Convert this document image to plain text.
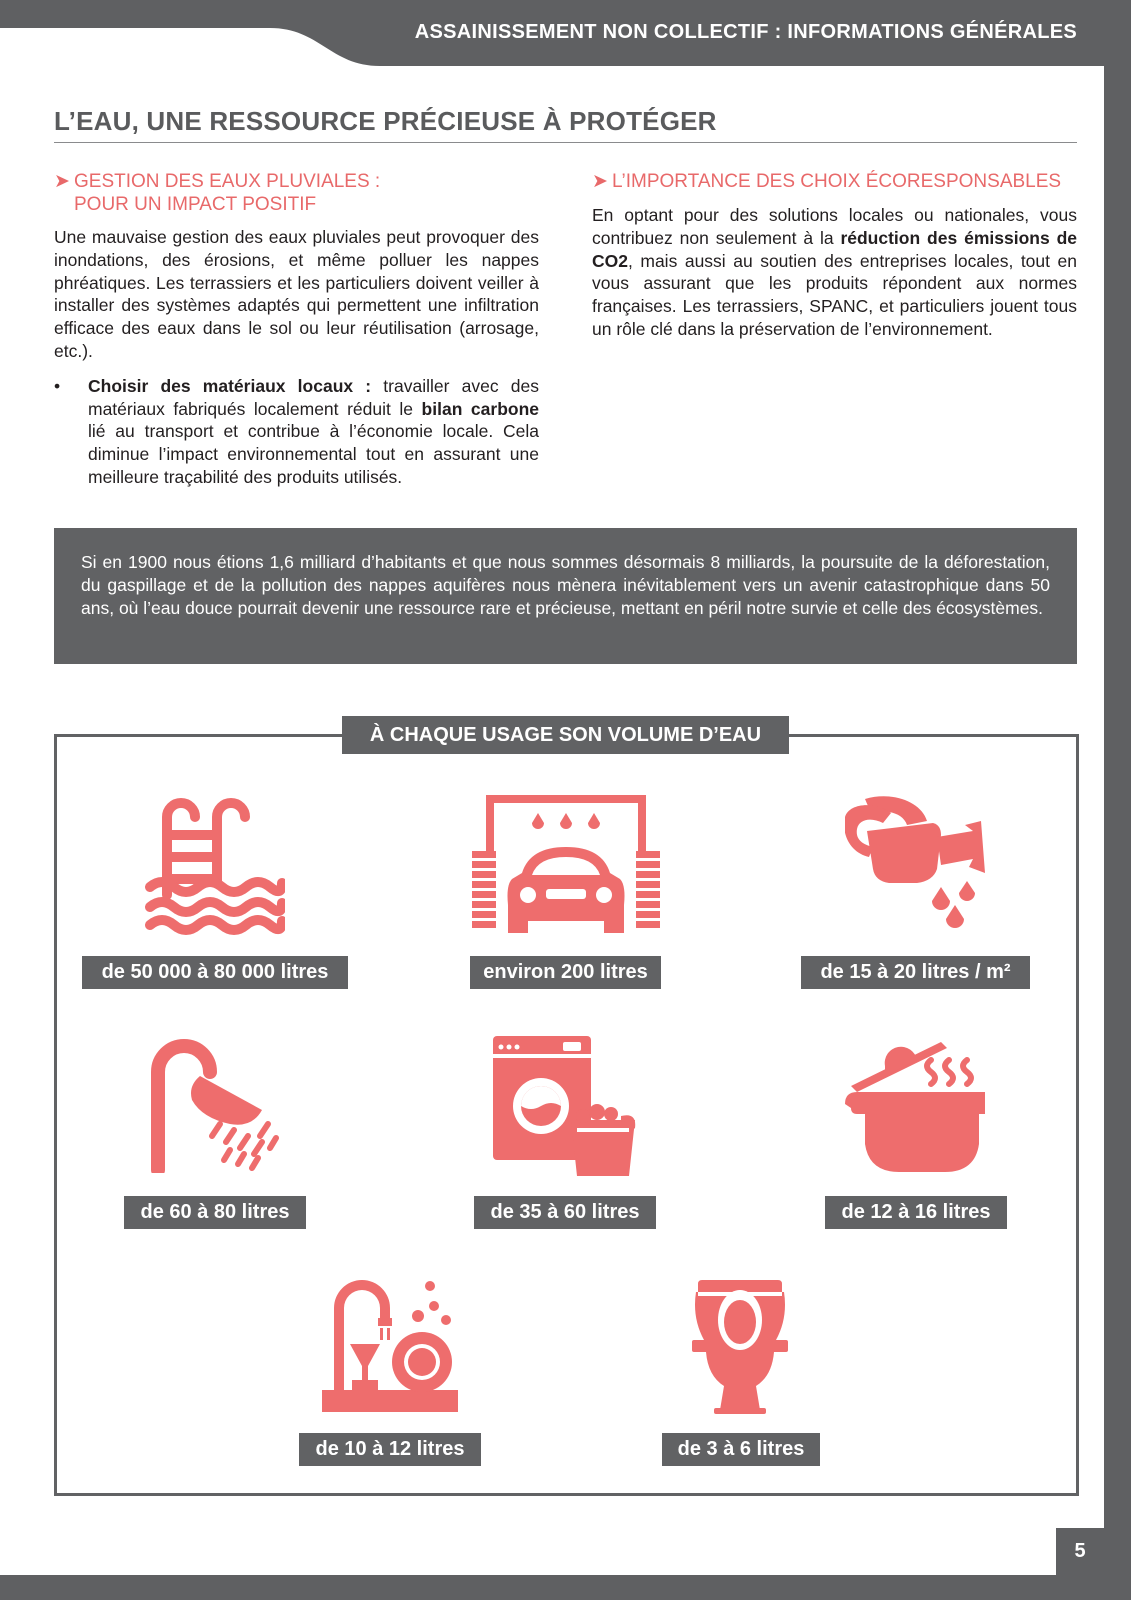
ASSAINISSEMENT NON COLLECTIF : INFORMATIONS GÉNÉRALES
L’EAU, UNE RESSOURCE PRÉCIEUSE À PROTÉGER
➤ GESTION DES EAUX PLUVIALES :
POUR UN IMPACT POSITIF

Une mauvaise gestion des eaux pluviales peut provoquer des inondations, des érosions, et même polluer les nappes phréatiques. Les terrassiers et les particuliers doivent veiller à installer des systèmes adaptés qui permettent une infiltration efficace des eaux dans le sol ou leur réutilisation (arrosage, etc.).

• Choisir des matériaux locaux : travailler avec des matériaux fabriqués localement réduit le bilan carbone lié au transport et contribue à l’économie locale. Cela diminue l’impact environnemental tout en assurant une meilleure traçabilité des produits utilisés.

➤ L’IMPORTANCE DES CHOIX ÉCORESPONSABLES

En optant pour des solutions locales ou nationales, vous contribuez non seulement à la réduction des émissions de CO2, mais aussi au soutien des entreprises locales, tout en vous assurant que les produits répondent aux normes françaises. Les terrassiers, SPANC, et particuliers jouent tous un rôle clé dans la préservation de l’environnement.

Si en 1900 nous étions 1,6 milliard d’habitants et que nous sommes désormais 8 milliards, la poursuite de la déforestation, du gaspillage et de la pollution des nappes aquifères nous mènera inévitablement vers un avenir catastrophique dans 50 ans, où l’eau douce pourrait devenir une ressource rare et précieuse, mettant en péril notre survie et celle des écosystèmes.

À CHAQUE USAGE SON VOLUME D’EAU
de 50 000 à 80 000 litres	environ 200 litres	de 15 à 20 litres / m²
de 60 à 80 litres	de 35 à 60 litres	de 12 à 16 litres
de 10 à 12 litres	de 3 à 6 litres
5
